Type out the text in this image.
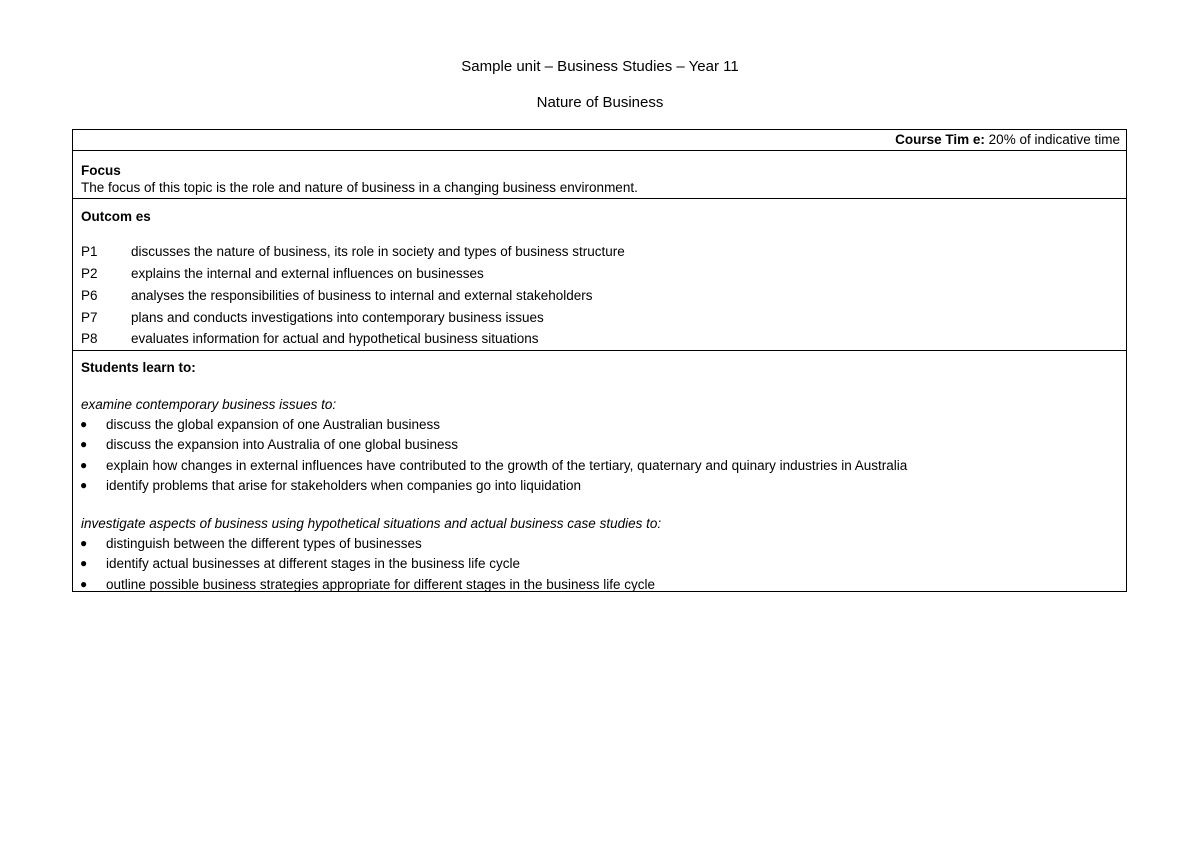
Sample unit – Business Studies – Year 11
Nature of Business
Course Tim e: 20% of indicative time
Focus
The focus of this topic is the role and nature of business in a changing business environment.
Outcom es
P1 discusses the nature of business, its role in society and types of business structure
P2 explains the internal and external influences on businesses
P6 analyses the responsibilities of business to internal and external stakeholders
P7 plans and conducts investigations into contemporary business issues
P8 evaluates information for actual and hypothetical business situations
Students learn to:
examine contemporary business issues to:
● discuss the global expansion of one Australian business
● discuss the expansion into Australia of one global business
● explain how changes in external influences have contributed to the growth of the tertiary, quaternary and quinary industries in Australia
● identify problems that arise for stakeholders when companies go into liquidation
investigate aspects of business using hypothetical situations and actual business case studies to:
● distinguish between the different types of businesses
● identify actual businesses at different stages in the business life cycle
● outline possible business strategies appropriate for different stages in the business life cycle
